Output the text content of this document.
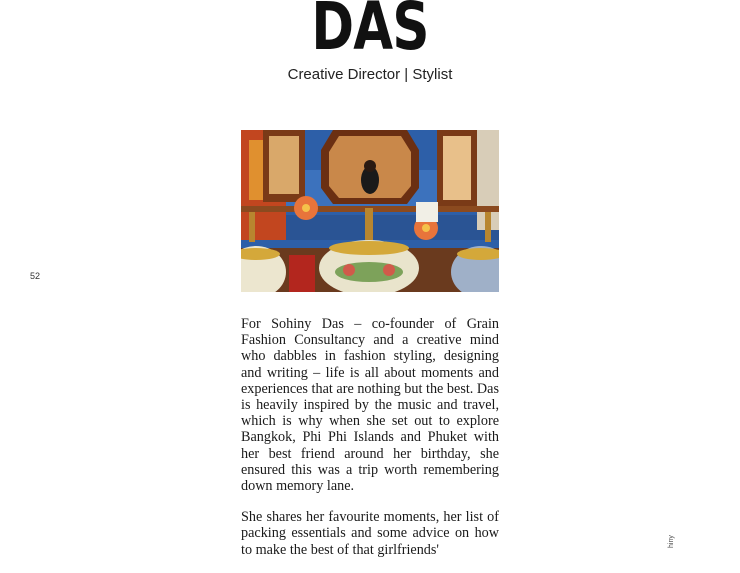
DAS
Creative Director | Stylist
52

For Sohiny Das – co-founder of Grain Fashion Consultancy and a creative mind who dabbles in fashion styling, designing and writing – life is all about moments and experiences that are nothing but the best. Das is heavily inspired by the music and travel, which is why when she set out to explore Bangkok, Phi Phi Islands and Phuket with her best friend around her birthday, she ensured this was a trip worth remembering down memory lane.

She shares her favourite moments, her list of packing essentials and some advice on how to make the best of that girlfriends'

hiny
